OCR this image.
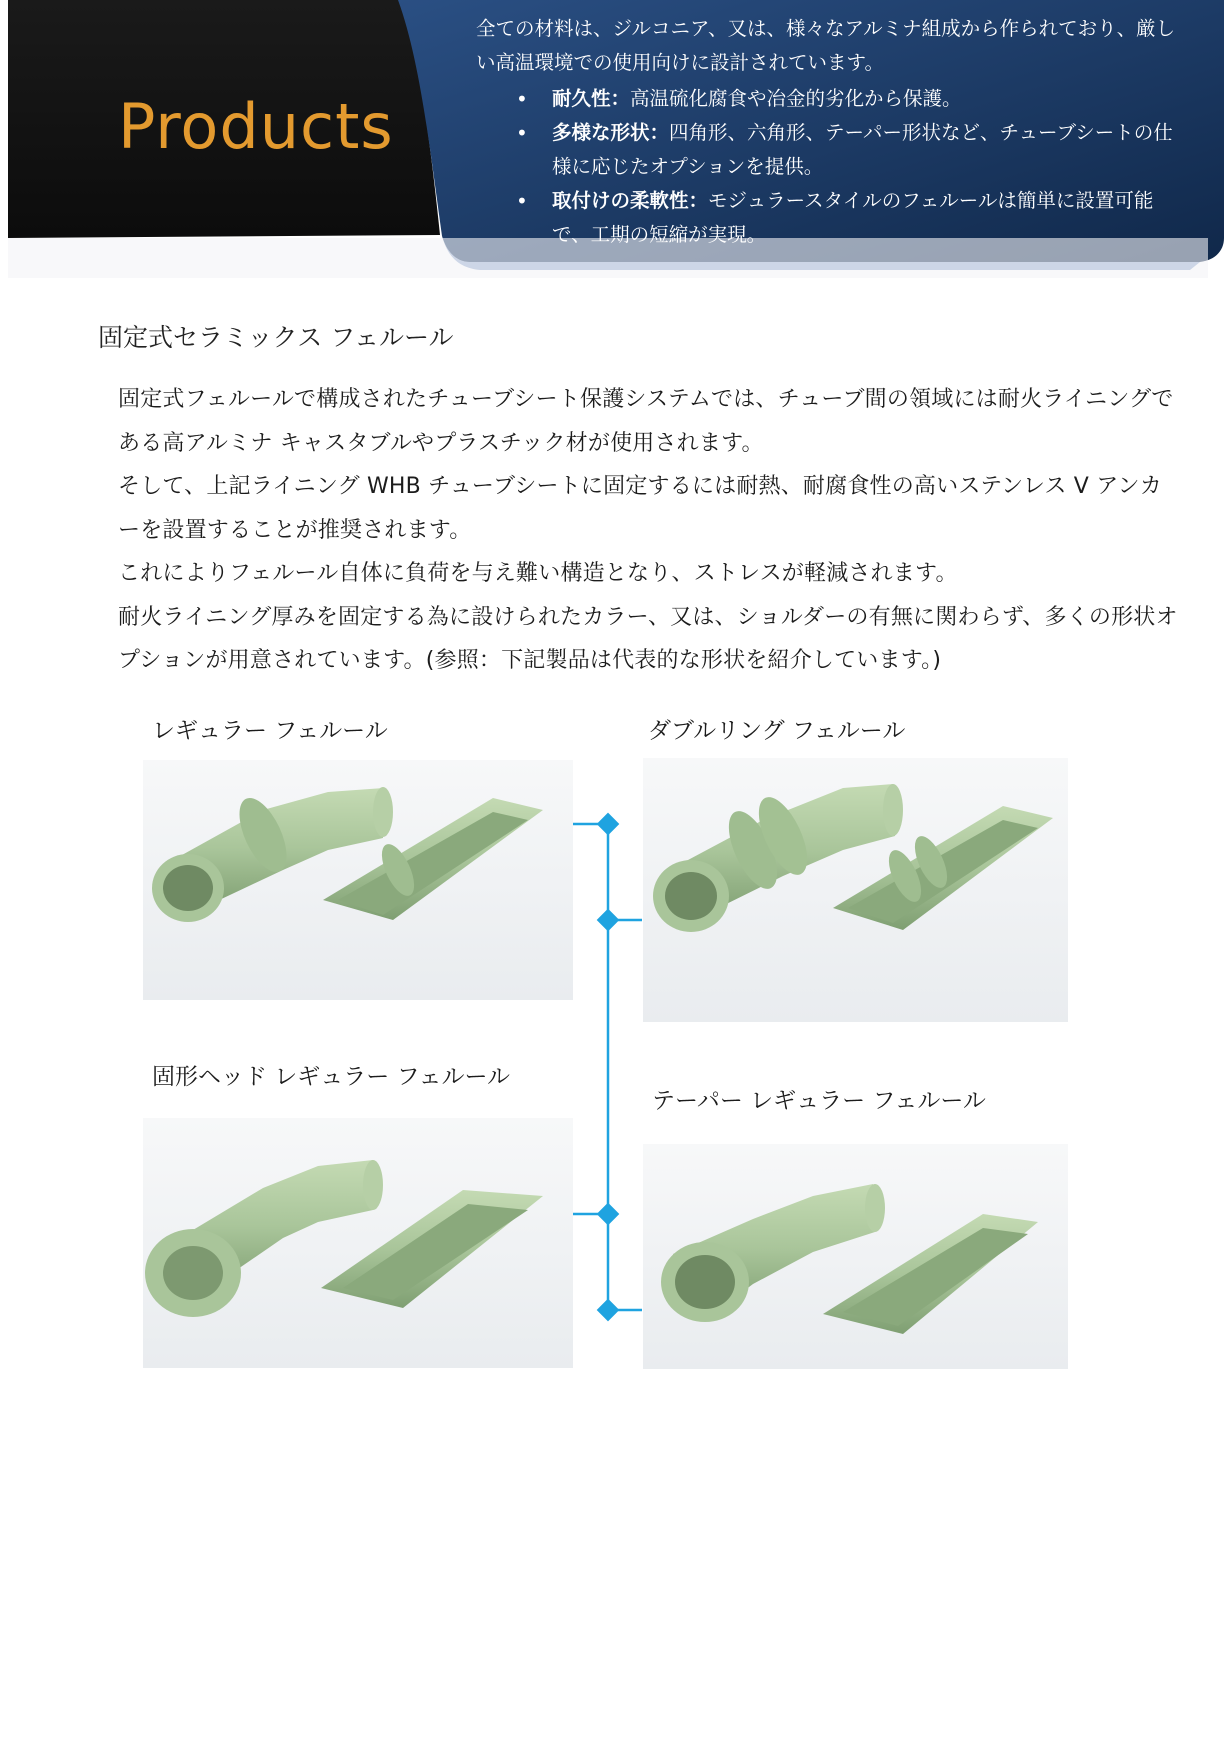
Products

全ての材料は、ジルコニア、又は、様々なアルミナ組成から作られており、厳しい高温環境での使用向けに設計されています。

• 耐久性：高温硫化腐食や冶金的劣化から保護。
• 多様な形状：四角形、六角形、テーパー形状など、チューブシートの仕様に応じたオプションを提供。
• 取付けの柔軟性：モジュラースタイルのフェルールは簡単に設置可能で、工期の短縮が実現。
固定式セラミックス フェルール

固定式フェルールで構成されたチューブシート保護システムでは、チューブ間の領域には耐火ライニングである高アルミナ キャスタブルやプラスチック材が使用されます。

そして、上記ライニング WHB チューブシートに固定するには耐熱、耐腐食性の高いステンレス V アンカーを設置することが推奨されます。

これによりフェルール自体に負荷を与え難い構造となり、ストレスが軽減されます。

耐火ライニング厚みを固定する為に設けられたカラー、又は、ショルダーの有無に関わらず、多くの形状オプションが用意されています。(参照：下記製品は代表的な形状を紹介しています。)

レギュラー フェルール	ダブルリング フェルール
固形ヘッド レギュラー フェルール
テーパー レギュラー フェルール
